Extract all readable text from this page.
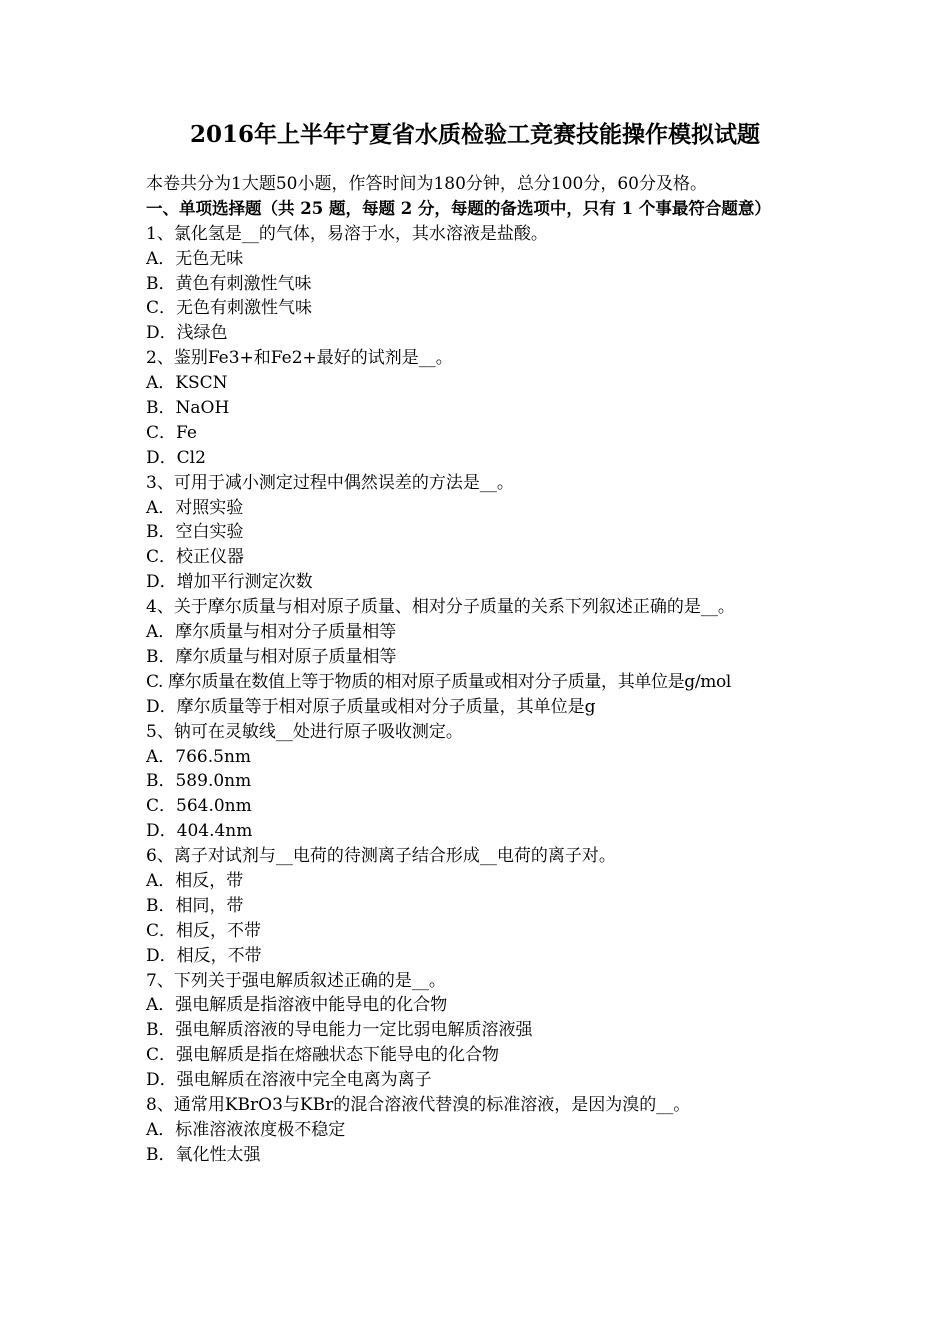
2016年上半年宁夏省水质检验工竞赛技能操作模拟试题
本卷共分为1大题50小题，作答时间为180分钟，总分100分，60分及格。
一、单项选择题（共 25 题，每题 2 分，每题的备选项中，只有 1 个事最符合题意）
1、氯化氢是__的气体，易溶于水，其水溶液是盐酸。
A．无色无味
B．黄色有刺激性气味
C．无色有刺激性气味
D．浅绿色
2、鉴别Fe3+和Fe2+最好的试剂是__。
A．KSCN
B．NaOH
C．Fe
D．Cl2
3、可用于减小测定过程中偶然误差的方法是__。
A．对照实验
B．空白实验
C．校正仪器
D．增加平行测定次数
4、关于摩尔质量与相对原子质量、相对分子质量的关系下列叙述正确的是__。
A．摩尔质量与相对分子质量相等
B．摩尔质量与相对原子质量相等
C. 摩尔质量在数值上等于物质的相对原子质量或相对分子质量，其单位是g/mol
D．摩尔质量等于相对原子质量或相对分子质量，其单位是g
5、钠可在灵敏线__处进行原子吸收测定。
A．766.5nm
B．589.0nm
C．564.0nm
D．404.4nm
6、离子对试剂与__电荷的待测离子结合形成__电荷的离子对。
A．相反，带
B．相同，带
C．相反，不带
D．相反，不带
7、下列关于强电解质叙述正确的是__。
A．强电解质是指溶液中能导电的化合物
B．强电解质溶液的导电能力一定比弱电解质溶液强
C．强电解质是指在熔融状态下能导电的化合物
D．强电解质在溶液中完全电离为离子
8、通常用KBrO3与KBr的混合溶液代替溴的标准溶液，是因为溴的__。
A．标准溶液浓度极不稳定
B．氧化性太强
